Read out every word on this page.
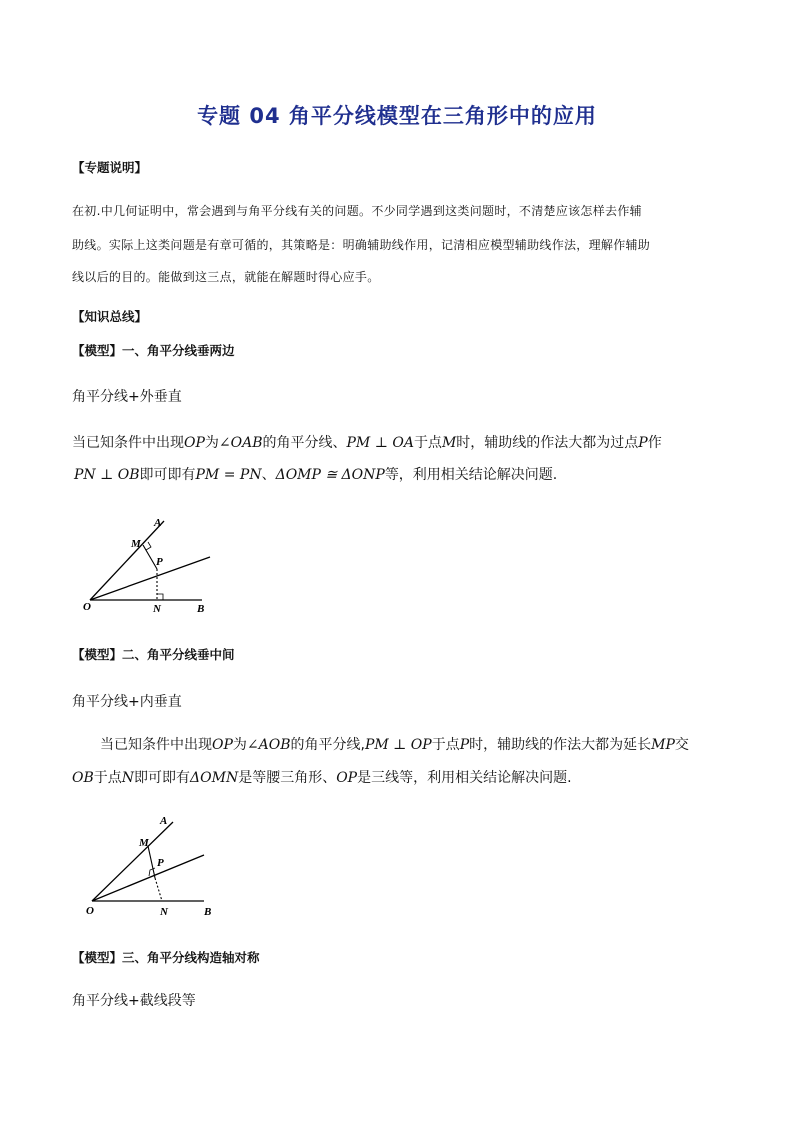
专题 04 角平分线模型在三角形中的应用
【专题说明】
在初.中几何证明中，常会遇到与角平分线有关的问题。不少同学遇到这类问题时，不清楚应该怎样去作辅
助线。实际上这类问题是有章可循的，其策略是：明确辅助线作用，记清相应模型辅助线作法，理解作辅助
线以后的目的。能做到这三点，就能在解题时得心应手。
【知识总线】
【模型】一、角平分线垂两边
角平分线+外垂直
当已知条件中出现OP为∠OAB的角平分线、PM ⊥ OA于点M时，辅助线的作法大都为过点P作
PN ⊥ OB即可即有PM = PN、ΔOMP ≅ ΔONP等，利用相关结论解决问题.
A
M
P
O	N	B
A
M
P
O	N	B
【模型】二、角平分线垂中间
角平分线+内垂直
当已知条件中出现OP为∠AOB的角平分线,PM ⊥ OP于点P时，辅助线的作法大都为延长MP交
OB于点N即可即有ΔOMN是等腰三角形、OP是三线等，利用相关结论解决问题.
【模型】三、角平分线构造轴对称
角平分线+截线段等
